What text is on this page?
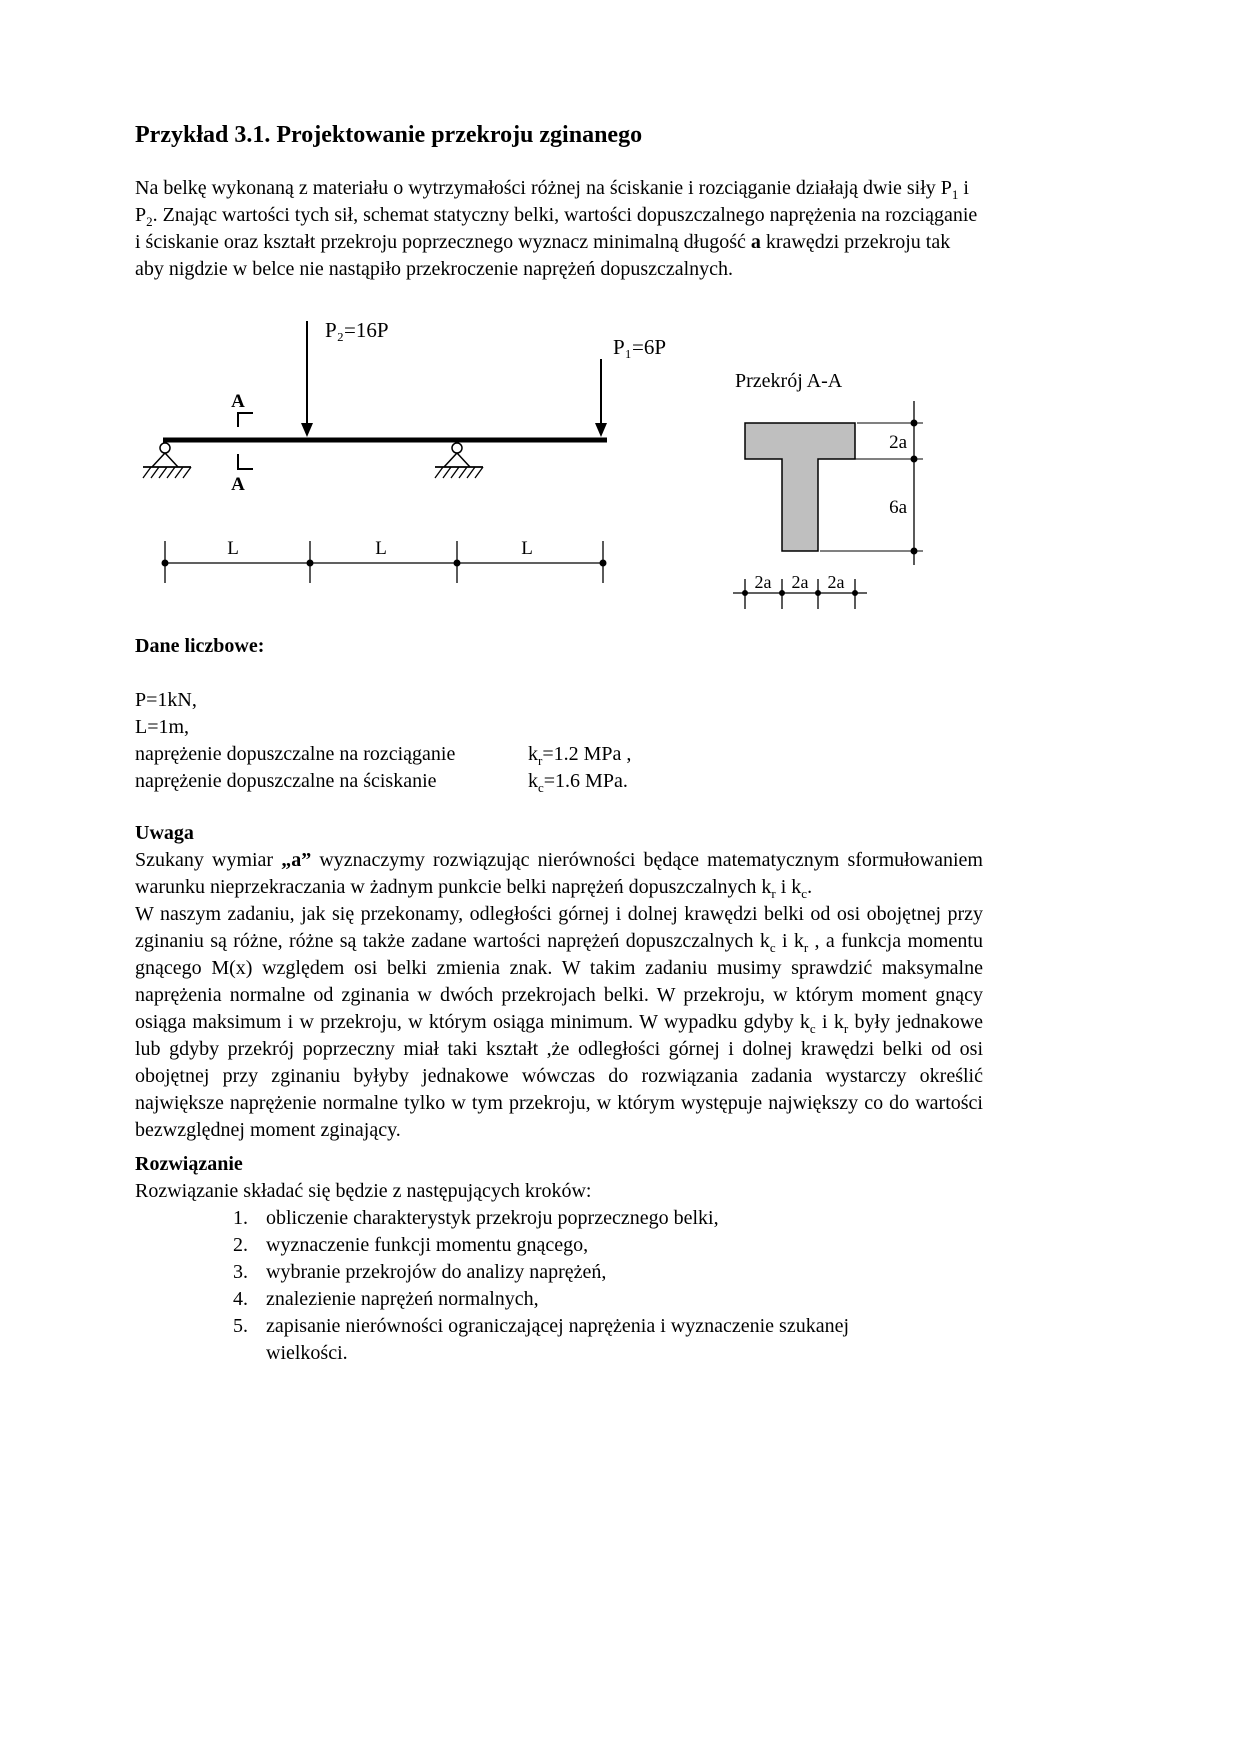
Przykład 3.1. Projektowanie przekroju zginanego

Na belkę wykonaną z materiału o wytrzymałości różnej na ściskanie i rozciąganie działają dwie siły $P_1$ i $P_2$. Znając wartości tych sił, schemat statyczny belki, wartości dopuszczalnego naprężenia na rozciąganie i ściskanie oraz kształt przekroju poprzecznego wyznacz minimalną długość a krawędzi przekroju tak aby nigdzie w belce nie nastąpiło przekroczenie naprężeń dopuszczalnych.

P₂=16P
P₁=6P
A
A
L	L	L
Przekrój A-A
2a
6a
2a 2a 2a
Dane liczbowe:
P=1kN,
L=1m,
naprężenie dopuszczalne na rozciąganie	$k_r=1.2$ MPa ,
naprężenie dopuszczalne na ściskanie	$k_c=1.6$ MPa.
Uwaga

Szukany wymiar „a” wyznaczymy rozwiązując nierówności będące matematycznym sformułowaniem warunku nieprzekraczania w żadnym punkcie belki naprężeń dopuszczalnych $k_r$ i $k_c$.

W naszym zadaniu, jak się przekonamy, odległości górnej i dolnej krawędzi belki od osi obojętnej przy zginaniu są różne, różne są także zadane wartości naprężeń dopuszczalnych $k_c$ i $k_r$ , a funkcja momentu gnącego M(x) względem osi belki zmienia znak. W takim zadaniu musimy sprawdzić maksymalne naprężenia normalne od zginania w dwóch przekrojach belki. W przekroju, w którym moment gnący osiąga maksimum i w przekroju, w którym osiąga minimum. W wypadku gdyby $k_c$ i $k_r$ były jednakowe lub gdyby przekrój poprzeczny miał taki kształt ,że odległości górnej i dolnej krawędzi belki od osi obojętnej przy zginaniu byłyby jednakowe wówczas do rozwiązania zadania wystarczy określić największe naprężenie normalne tylko w tym przekroju, w którym występuje największy co do wartości bezwzględnej moment zginający.

Rozwiązanie
Rozwiązanie składać się będzie z następujących kroków:
1. obliczenie charakterystyk przekroju poprzecznego belki,
2. wyznaczenie funkcji momentu gnącego,
3. wybranie przekrojów do analizy naprężeń,
4. znalezienie naprężeń normalnych,
5. zapisanie nierówności ograniczającej naprężenia i wyznaczenie szukanej wielkości.
